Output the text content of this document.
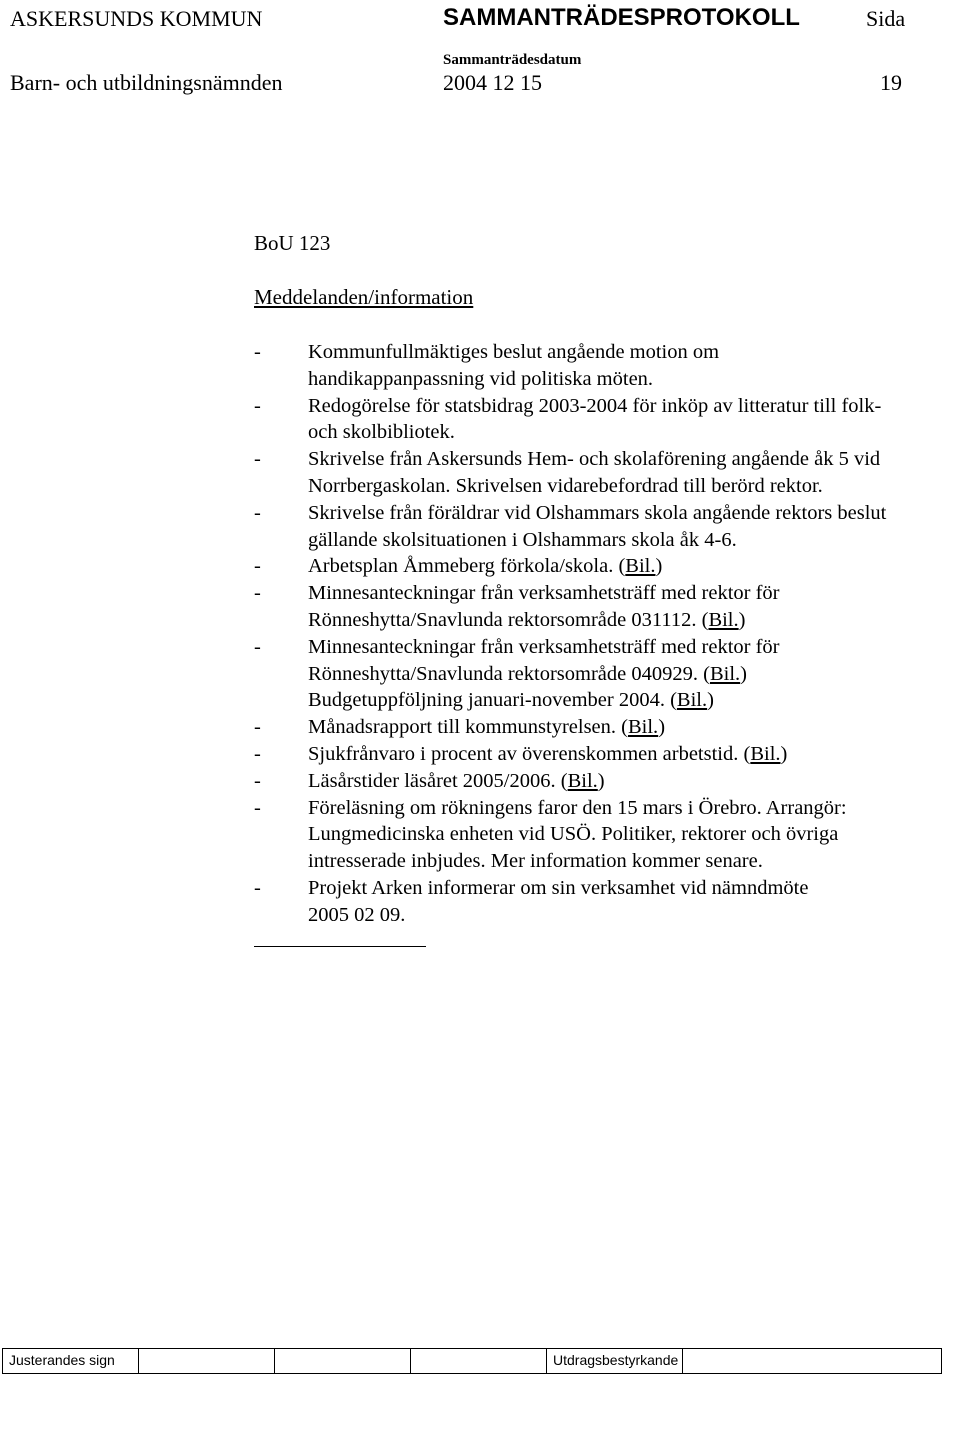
ASKERSUNDS KOMMUN	SAMMANTRÄDESPROTOKOLL	Sida
Sammanträdesdatum
Barn- och utbildningsnämnden	2004 12 15	19
BoU 123
Meddelanden/information
-	Kommunfullmäktiges beslut angående motion om
handikappanpassning vid politiska möten.
-	Redogörelse för statsbidrag 2003-2004 för inköp av litteratur till folk-
och skolbibliotek.
-	Skrivelse från Askersunds Hem- och skolaförening angående åk 5 vid
Norrbergaskolan. Skrivelsen vidarebefordrad till berörd rektor.
-	Skrivelse från föräldrar vid Olshammars skola angående rektors beslut
gällande skolsituationen i Olshammars skola åk 4-6.
-	Arbetsplan Åmmeberg förkola/skola. (Bil.)
-	Minnesanteckningar från verksamhetsträff med rektor för
Rönneshytta/Snavlunda rektorsområde 031112. (Bil.)
-	Minnesanteckningar från verksamhetsträff med rektor för
Rönneshytta/Snavlunda rektorsområde 040929. (Bil.)
Budgetuppföljning januari-november 2004. (Bil.)
-	Månadsrapport till kommunstyrelsen. (Bil.)
-	Sjukfrånvaro i procent av överenskommen arbetstid. (Bil.)
-	Läsårstider läsåret 2005/2006. (Bil.)
-	Föreläsning om rökningens faror den 15 mars i Örebro. Arrangör:
Lungmedicinska enheten vid USÖ. Politiker, rektorer och övriga
intresserade inbjudes. Mer information kommer senare.
-	Projekt Arken informerar om sin verksamhet vid nämndmöte
2005 02 09.
Justerandes sign	Utdragsbestyrkande
